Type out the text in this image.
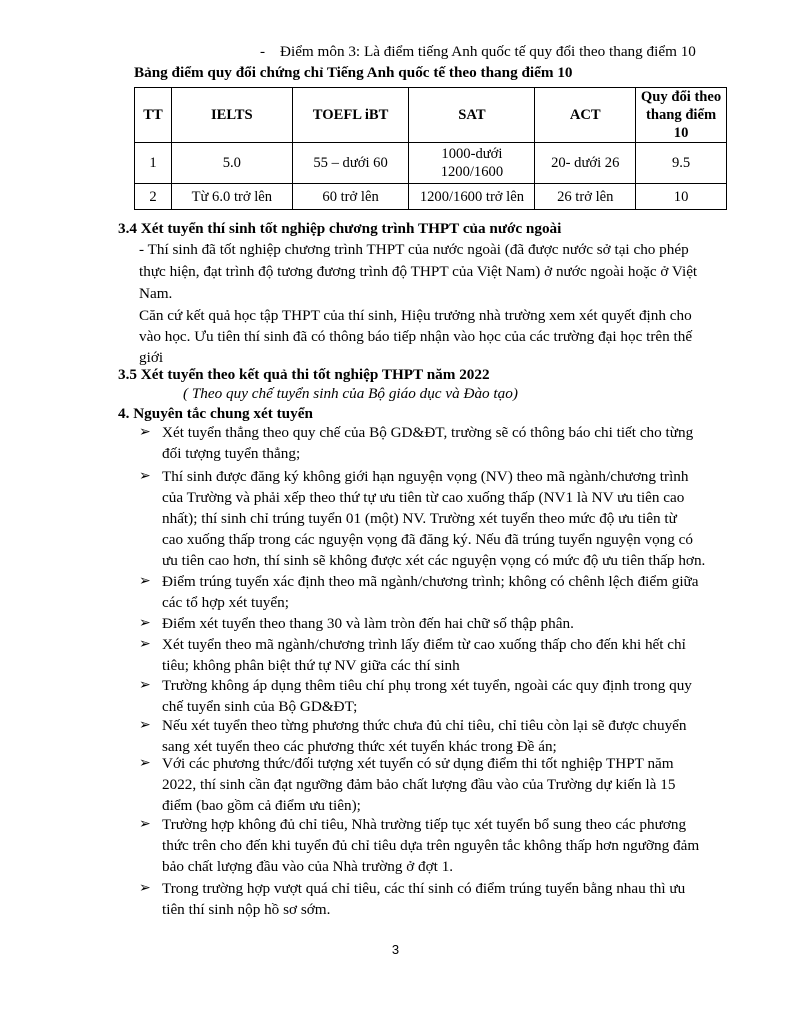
- Điểm môn 3: Là điểm tiếng Anh quốc tế quy đổi theo thang điểm 10
Bảng điểm quy đổi chứng chỉ Tiếng Anh quốc tế theo thang điểm 10
TT	IELTS	TOEFL iBT	SAT	ACT	Quy đổi theo thang điểm 10
1	5.0	55 – dưới 60	1000-dưới 1200/1600	20- dưới 26	9.5
2	Từ 6.0 trở lên	60 trở lên	1200/1600 trở lên	26 trở lên	10
3.4 Xét tuyển thí sinh tốt nghiệp chương trình THPT của nước ngoài
- Thí sinh đã tốt nghiệp chương trình THPT của nước ngoài (đã được nước sở tại cho phép
thực hiện, đạt trình độ tương đương trình độ THPT của Việt Nam) ở nước ngoài hoặc ở Việt
Nam.
Căn cứ kết quả học tập THPT của thí sinh, Hiệu trưởng nhà trường xem xét quyết định cho
vào học. Ưu tiên thí sinh đã có thông báo tiếp nhận vào học của các trường đại học trên thế
giới
3.5 Xét tuyển theo kết quả thi tốt nghiệp THPT năm 2022
( Theo quy chế tuyển sinh của Bộ giáo dục và Đào tạo)
4. Nguyên tắc chung xét tuyển
➢ Xét tuyển thẳng theo quy chế của Bộ GD&ĐT, trường sẽ có thông báo chi tiết cho từng
đối tượng tuyển thẳng;
➢ Thí sinh được đăng ký không giới hạn nguyện vọng (NV) theo mã ngành/chương trình
của Trường và phải xếp theo thứ tự ưu tiên từ cao xuống thấp (NV1 là NV ưu tiên cao
nhất); thí sinh chỉ trúng tuyển 01 (một) NV. Trường xét tuyển theo mức độ ưu tiên từ
cao xuống thấp trong các nguyện vọng đã đăng ký. Nếu đã trúng tuyển nguyện vọng có
ưu tiên cao hơn, thí sinh sẽ không được xét các nguyện vọng có mức độ ưu tiên thấp hơn.
➢ Điểm trúng tuyển xác định theo mã ngành/chương trình; không có chênh lệch điểm giữa
các tổ hợp xét tuyển;
➢ Điểm xét tuyển theo thang 30 và làm tròn đến hai chữ số thập phân.
➢ Xét tuyển theo mã ngành/chương trình lấy điểm từ cao xuống thấp cho đến khi hết chỉ
tiêu; không phân biệt thứ tự NV giữa các thí sinh
➢ Trường không áp dụng thêm tiêu chí phụ trong xét tuyển, ngoài các quy định trong quy
chế tuyển sinh của Bộ GD&ĐT;
➢ Nếu xét tuyển theo từng phương thức chưa đủ chỉ tiêu, chỉ tiêu còn lại sẽ được chuyển
sang xét tuyển theo các phương thức xét tuyển khác trong Đề án;
➢ Với các phương thức/đối tượng xét tuyển có sử dụng điểm thi tốt nghiệp THPT năm
2022, thí sinh cần đạt ngưỡng đảm bảo chất lượng đầu vào của Trường dự kiến là 15
điểm (bao gồm cả điểm ưu tiên);
➢ Trường hợp không đủ chỉ tiêu, Nhà trường tiếp tục xét tuyển bổ sung theo các phương
thức trên cho đến khi tuyển đủ chỉ tiêu dựa trên nguyên tắc không thấp hơn ngưỡng đảm
bảo chất lượng đầu vào của Nhà trường ở đợt 1.
➢ Trong trường hợp vượt quá chỉ tiêu, các thí sinh có điểm trúng tuyển bằng nhau thì ưu
tiên thí sinh nộp hồ sơ sớm.
3
